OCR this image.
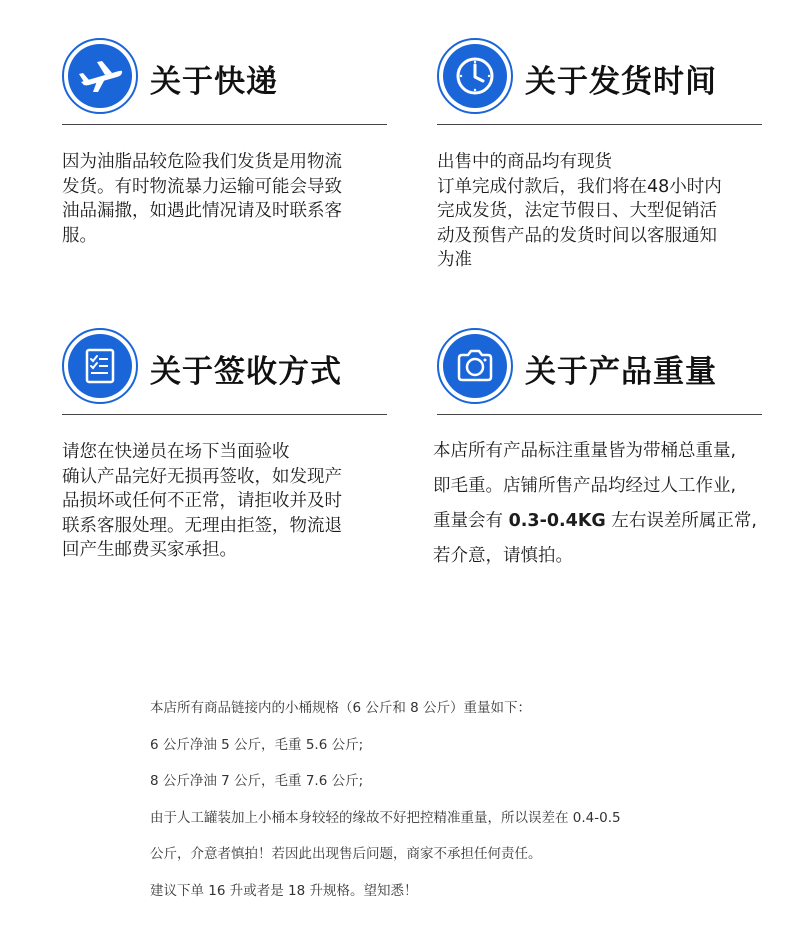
关于快递
因为油脂品较危险我们发货是用物流
发货。有时物流暴力运输可能会导致
油品漏撒，如遇此情况请及时联系客
服。
关于发货时间
出售中的商品均有现货
订单完成付款后，我们将在48小时内
完成发货，法定节假日、大型促销活
动及预售产品的发货时间以客服通知
为准
关于签收方式
请您在快递员在场下当面验收
确认产品完好无损再签收，如发现产
品损坏或任何不正常，请拒收并及时
联系客服处理。无理由拒签，物流退
回产生邮费买家承担。
关于产品重量
本店所有产品标注重量皆为带桶总重量,
即毛重。店铺所售产品均经过人工作业,
重量会有 0.3-0.4KG 左右误差所属正常,
若介意，请慎拍。
本店所有商品链接内的小桶规格（6 公斤和 8 公斤）重量如下：
6 公斤净油 5 公斤，毛重 5.6 公斤;
8 公斤净油 7 公斤，毛重 7.6 公斤;
由于人工罐装加上小桶本身较轻的缘故不好把控精准重量，所以误差在 0.4-0.5
公斤，介意者慎拍！若因此出现售后问题，商家不承担任何责任。
建议下单 16 升或者是 18 升规格。望知悉！
